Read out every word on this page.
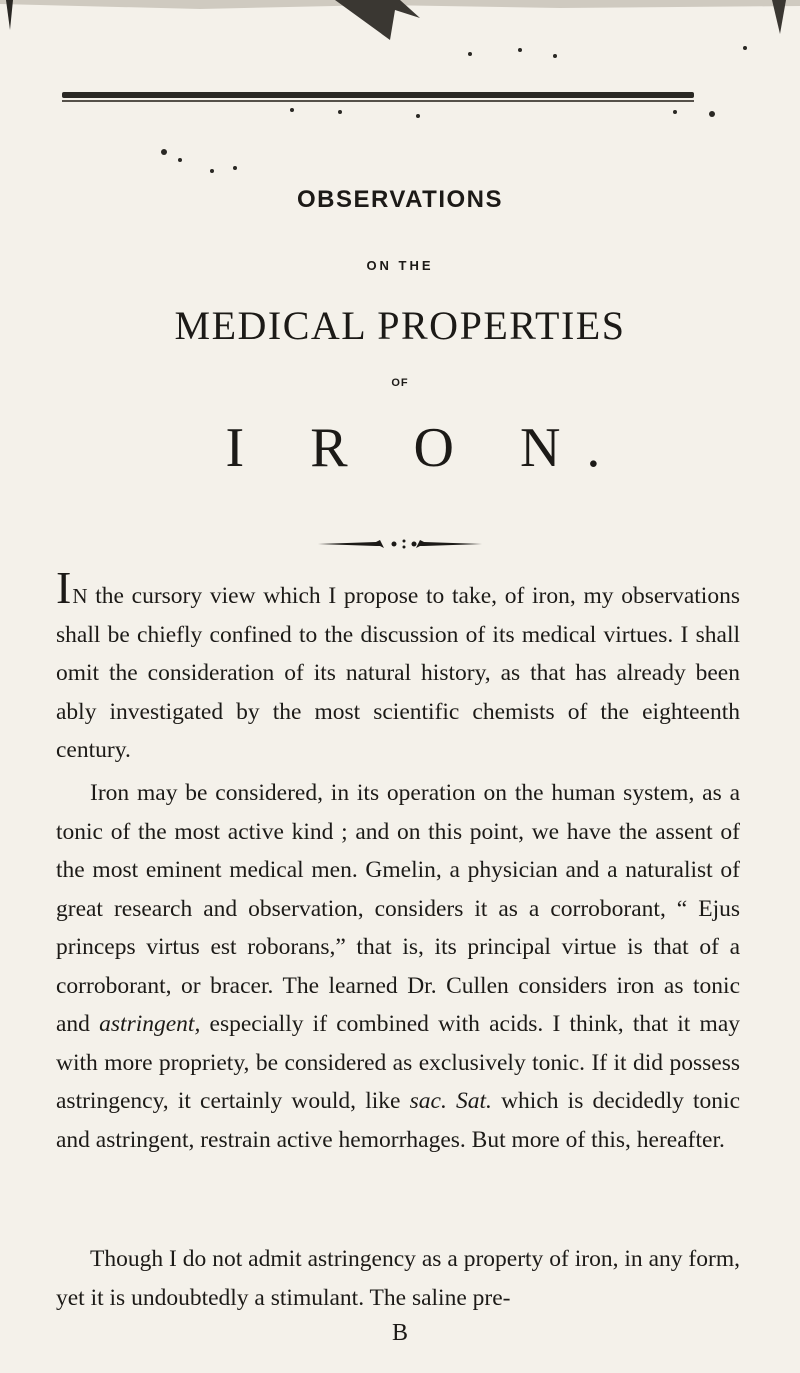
OBSERVATIONS
ON THE
MEDICAL PROPERTIES
OF
I R O N.

IN the cursory view which I propose to take, of iron, my observations shall be chiefly confined to the discussion of its medical virtues. I shall omit the consideration of its natural history, as that has already been ably investigated by the most scientific chemists of the eighteenth century.

Iron may be considered, in its operation on the human system, as a tonic of the most active kind ; and on this point, we have the assent of the most eminent medical men. Gmelin, a physician and a naturalist of great research and observation, considers it as a corroborant, “ Ejus princeps virtus est roborans,” that is, its principal virtue is that of a corroborant, or bracer. The learned Dr. Cullen considers iron as tonic and astringent, especially if combined with acids. I think, that it may with more propriety, be considered as exclusively tonic. If it did possess astringency, it certainly would, like sac. Sat. which is decidedly tonic and astringent, restrain active hemorrhages. But more of this, hereafter.

Though I do not admit astringency as a property of iron, in any form, yet it is undoubtedly a stimulant. The saline pre-

B
